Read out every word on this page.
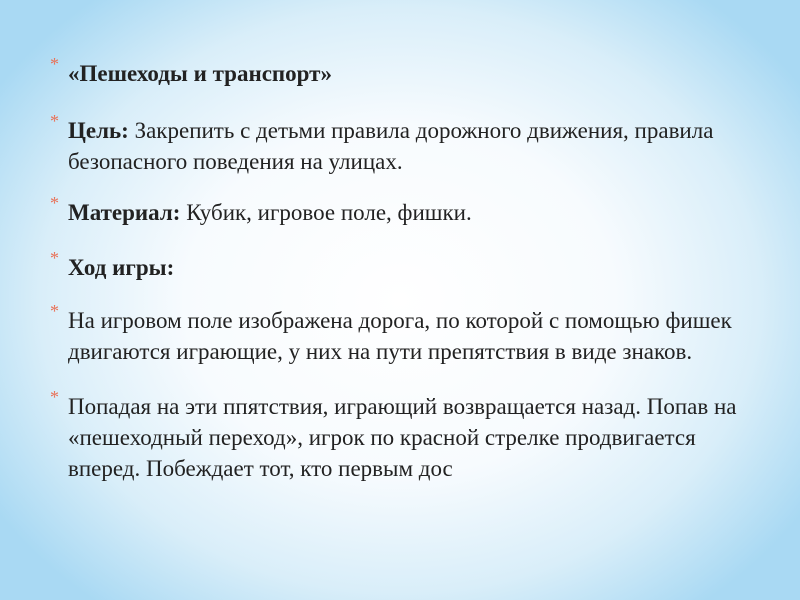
* «Пешеходы и транспорт»
* Цель: Закрепить с детьми правила дорожного движения, правила безопасного поведения на улицах.
* Материал: Кубик, игровое поле, фишки.
* Ход игры:
* На игровом поле изображена дорога, по которой с помощью фишек двигаются играющие, у них на пути препятствия в виде знаков.
* Попадая на эти ппятствия, играющий возвращается назад. Попав на «пешеходный переход», игрок по красной стрелке продвигается вперед. Побеждает тот, кто первым дос
